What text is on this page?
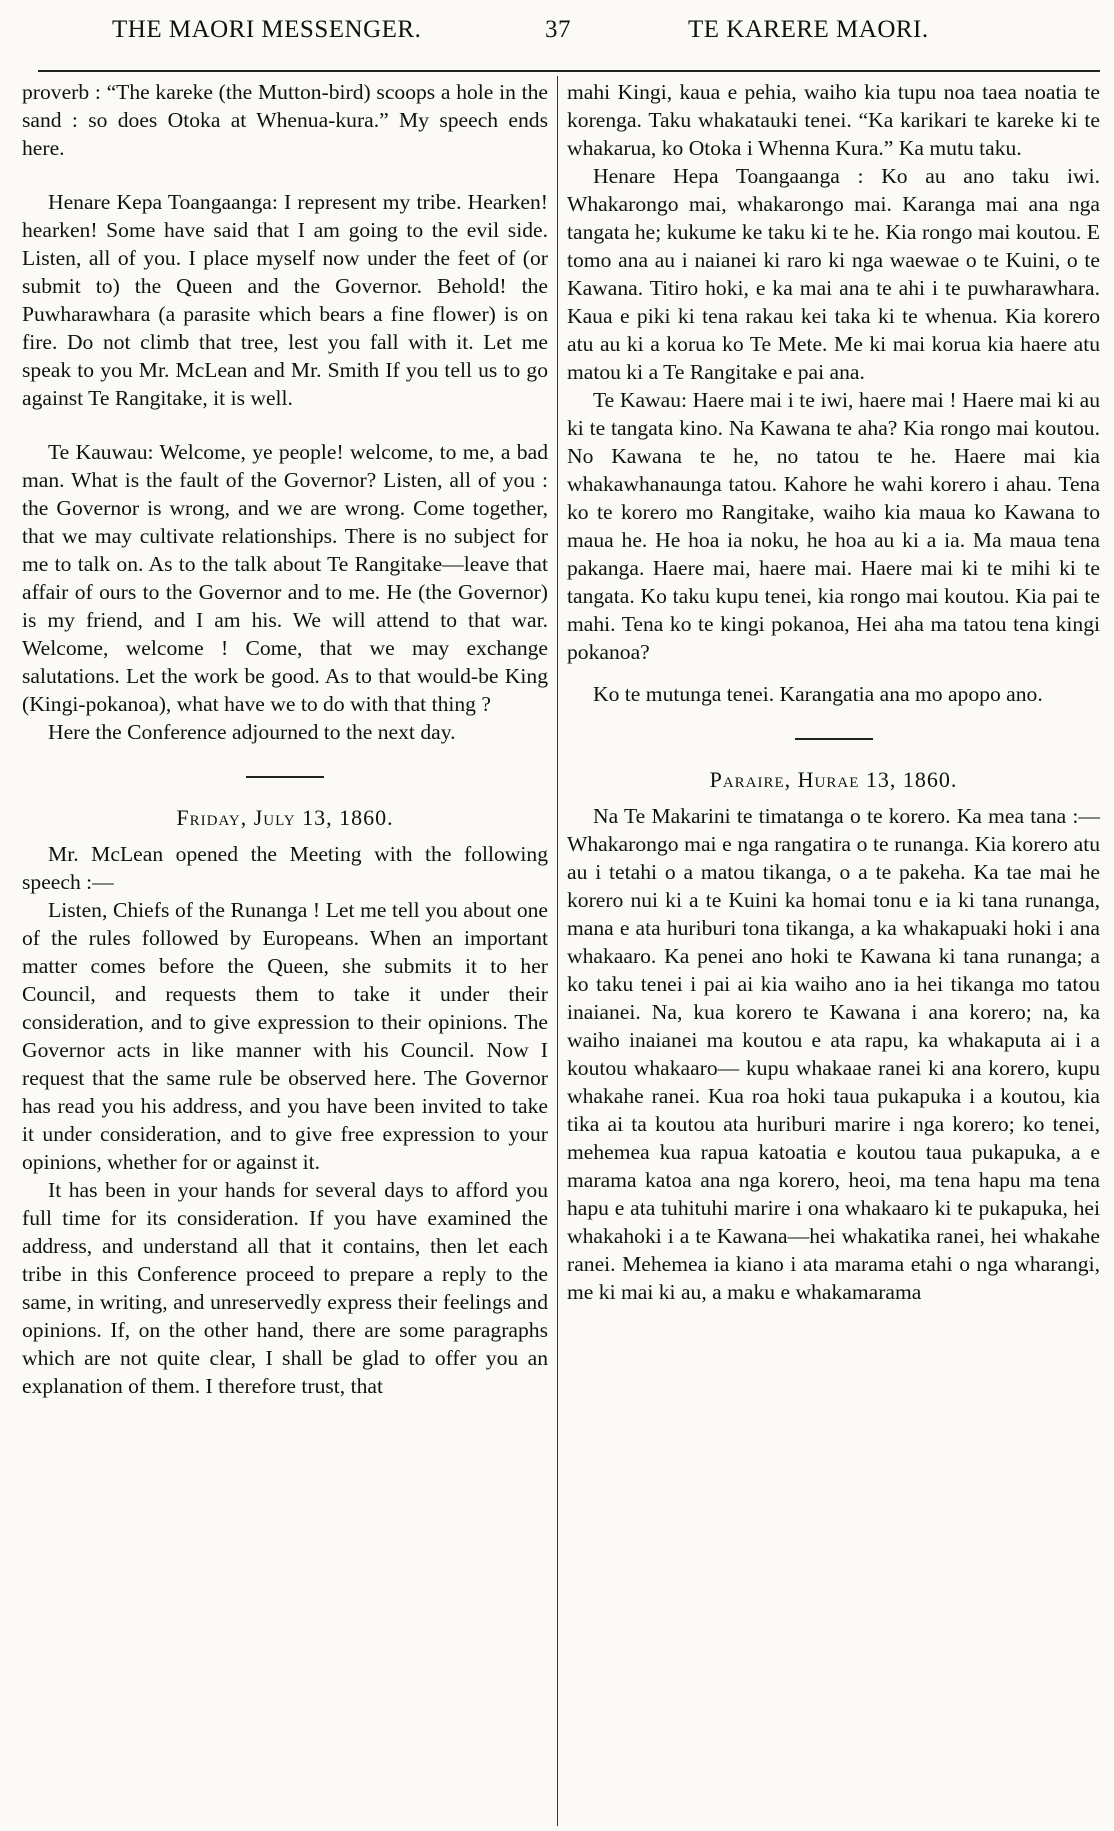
THE MAORI MESSENGER.	37	TE KARERE MAORI.

proverb : “The kareke (the Mutton-bird) scoops a hole in the sand : so does Otoka at Whenua-kura.” My speech ends here.

Henare Kepa Toangaanga: I represent my tribe. Hearken! hearken! Some have said that I am going to the evil side. Listen, all of you. I place myself now under the feet of (or submit to) the Queen and the Governor. Behold! the Puwharawhara (a parasite which bears a fine flower) is on fire. Do not climb that tree, lest you fall with it. Let me speak to you Mr. McLean and Mr. Smith If you tell us to go against Te Rangitake, it is well.

Te Kauwau: Welcome, ye people! welcome, to me, a bad man. What is the fault of the Governor? Listen, all of you : the Governor is wrong, and we are wrong. Come together, that we may cultivate relationships. There is no subject for me to talk on. As to the talk about Te Rangitake—leave that affair of ours to the Governor and to me. He (the Governor) is my friend, and I am his. We will attend to that war. Welcome, welcome ! Come, that we may exchange salutations. Let the work be good. As to that would-be King (Kingi-pokanoa), what have we to do with that thing ?

Here the Conference adjourned to the next day.

Friday, July 13, 1860.

Mr. McLean opened the Meeting with the following speech :—

Listen, Chiefs of the Runanga ! Let me tell you about one of the rules followed by Europeans. When an important matter comes before the Queen, she submits it to her Council, and requests them to take it under their consideration, and to give expression to their opinions. The Governor acts in like manner with his Council. Now I request that the same rule be observed here. The Governor has read you his address, and you have been invited to take it under consideration, and to give free expression to your opinions, whether for or against it.

It has been in your hands for several days to afford you full time for its consideration. If you have examined the address, and understand all that it contains, then let each tribe in this Conference proceed to prepare a reply to the same, in writing, and unreservedly express their feelings and opinions. If, on the other hand, there are some paragraphs which are not quite clear, I shall be glad to offer you an explanation of them. I therefore trust, that

mahi Kingi, kaua e pehia, waiho kia tupu noa taea noatia te korenga. Taku whakatauki tenei. “Ka karikari te kareke ki te whakarua, ko Otoka i Whenna Kura.” Ka mutu taku.

Henare Hepa Toangaanga : Ko au ano taku iwi. Whakarongo mai, whakarongo mai. Karanga mai ana nga tangata he; kukume ke taku ki te he. Kia rongo mai koutou. E tomo ana au i naianei ki raro ki nga waewae o te Kuini, o te Kawana. Titiro hoki, e ka mai ana te ahi i te puwharawhara. Kaua e piki ki tena rakau kei taka ki te whenua. Kia korero atu au ki a korua ko Te Mete. Me ki mai korua kia haere atu matou ki a Te Rangitake e pai ana.

Te Kawau: Haere mai i te iwi, haere mai ! Haere mai ki au ki te tangata kino. Na Kawana te aha? Kia rongo mai koutou. No Kawana te he, no tatou te he. Haere mai kia whakawhanaunga tatou. Kahore he wahi korero i ahau. Tena ko te korero mo Rangitake, waiho kia maua ko Kawana to maua he. He hoa ia noku, he hoa au ki a ia. Ma maua tena pakanga. Haere mai, haere mai. Haere mai ki te mihi ki te tangata. Ko taku kupu tenei, kia rongo mai koutou. Kia pai te mahi. Tena ko te kingi pokanoa, Hei aha ma tatou tena kingi pokanoa?

Ko te mutunga tenei. Karangatia ana mo apopo ano.

Paraire, Hurae 13, 1860.

Na Te Makarini te timatanga o te korero. Ka mea tana :—Whakarongo mai e nga rangatira o te runanga. Kia korero atu au i tetahi o a matou tikanga, o a te pakeha. Ka tae mai he korero nui ki a te Kuini ka homai tonu e ia ki tana runanga, mana e ata huriburi tona tikanga, a ka whakapuaki hoki i ana whakaaro. Ka penei ano hoki te Kawana ki tana runanga; a ko taku tenei i pai ai kia waiho ano ia hei tikanga mo tatou inaianei. Na, kua korero te Kawana i ana korero; na, ka waiho inaianei ma koutou e ata rapu, ka whakaputa ai i a koutou whakaaro— kupu whakaae ranei ki ana korero, kupu whakahe ranei. Kua roa hoki taua pukapuka i a koutou, kia tika ai ta koutou ata huriburi marire i nga korero; ko tenei, mehemea kua rapua katoatia e koutou taua pukapuka, a e marama katoa ana nga korero, heoi, ma tena hapu ma tena hapu e ata tuhituhi marire i ona whakaaro ki te pukapuka, hei whakahoki i a te Kawana—hei whakatika ranei, hei whakahe ranei. Mehemea ia kiano i ata marama etahi o nga wharangi, me ki mai ki au, a maku e whakamarama
